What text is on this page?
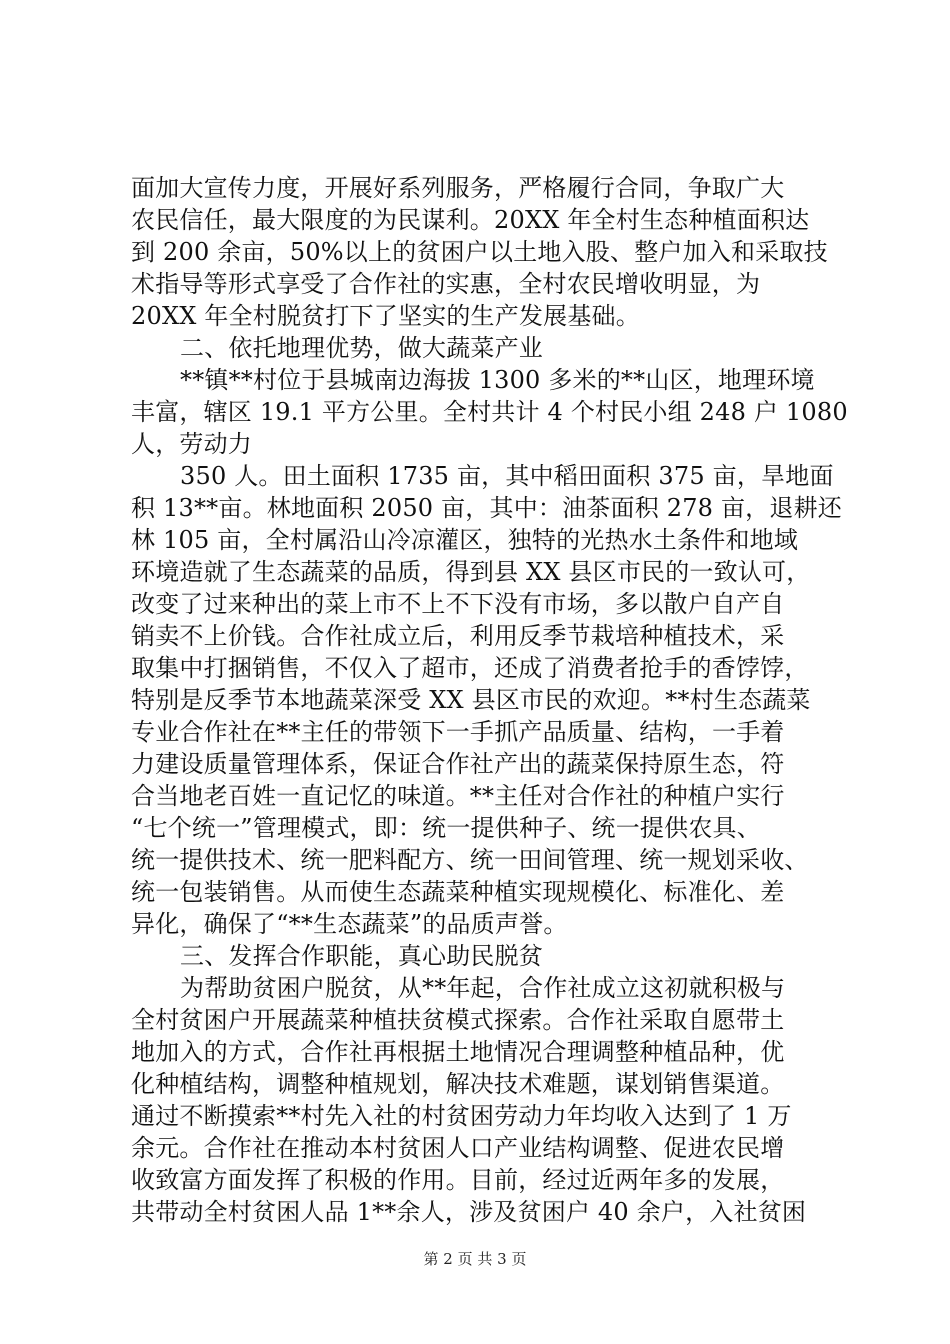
面加大宣传力度，开展好系列服务，严格履行合同，争取广大
农民信任，最大限度的为民谋利。20XX 年全村生态种植面积达
到 200 余亩，50%以上的贫困户以土地入股、整户加入和采取技
术指导等形式享受了合作社的实惠，全村农民增收明显，为
20XX 年全村脱贫打下了坚实的生产发展基础。
二、依托地理优势，做大蔬菜产业
**镇**村位于县城南边海拔 1300 多米的**山区，地理环境
丰富，辖区 19.1 平方公里。全村共计 4 个村民小组 248 户 1080
人，劳动力
350 人。田土面积 1735 亩，其中稻田面积 375 亩，旱地面
积 13**亩。林地面积 2050 亩，其中：油茶面积 278 亩，退耕还
林 105 亩，全村属沿山冷凉灌区，独特的光热水土条件和地域
环境造就了生态蔬菜的品质，得到县 XX 县区市民的一致认可，
改变了过来种出的菜上市不上不下没有市场，多以散户自产自
销卖不上价钱。合作社成立后，利用反季节栽培种植技术，采
取集中打捆销售，不仅入了超市，还成了消费者抢手的香饽饽，
特别是反季节本地蔬菜深受 XX 县区市民的欢迎。**村生态蔬菜
专业合作社在**主任的带领下一手抓产品质量、结构，一手着
力建设质量管理体系，保证合作社产出的蔬菜保持原生态，符
合当地老百姓一直记忆的味道。**主任对合作社的种植户实行
“七个统一”管理模式，即：统一提供种子、统一提供农具、
统一提供技术、统一肥料配方、统一田间管理、统一规划采收、
统一包装销售。从而使生态蔬菜种植实现规模化、标准化、差
异化，确保了“**生态蔬菜”的品质声誉。
三、发挥合作职能，真心助民脱贫
为帮助贫困户脱贫，从**年起，合作社成立这初就积极与
全村贫困户开展蔬菜种植扶贫模式探索。合作社采取自愿带土
地加入的方式，合作社再根据土地情况合理调整种植品种，优
化种植结构，调整种植规划，解决技术难题，谋划销售渠道。
通过不断摸索**村先入社的村贫困劳动力年均收入达到了 1 万
余元。合作社在推动本村贫困人口产业结构调整、促进农民增
收致富方面发挥了积极的作用。目前，经过近两年多的发展，
共带动全村贫困人品 1**余人，涉及贫困户 40 余户，入社贫困
第 2 页 共 3 页
